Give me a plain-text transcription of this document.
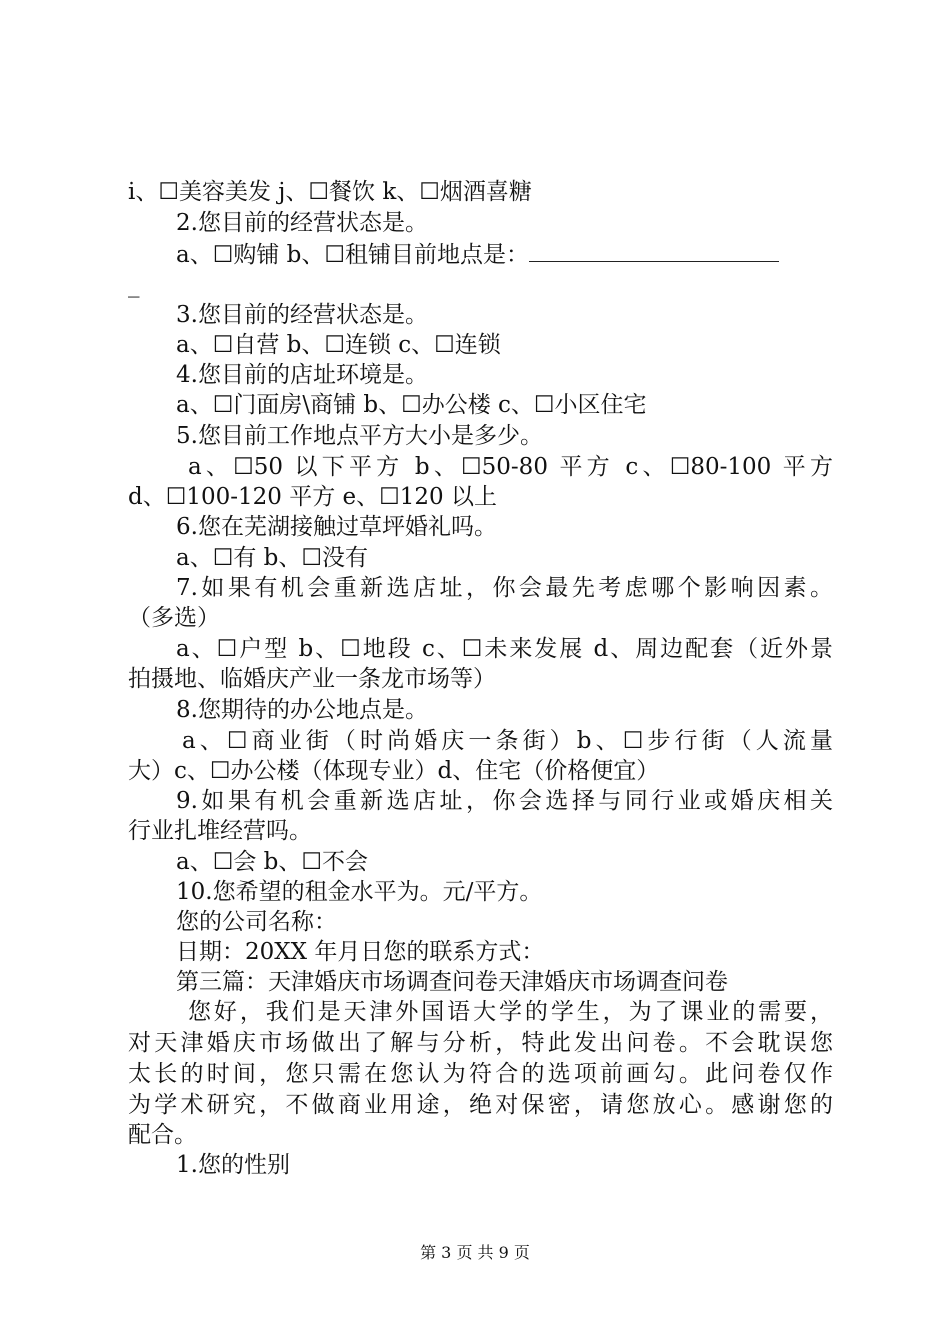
i、☐美容美发 j、☐餐饮 k、☐烟酒喜糖
2.您目前的经营状态是。
a、☐购铺 b、☐租铺目前地点是：
_
3.您目前的经营状态是。
a、☐自营 b、☐连锁 c、☐连锁
4.您目前的店址环境是。
a、☐门面房\商铺 b、☐办公楼 c、☐小区住宅
5.您目前工作地点平方大小是多少。
a、☐50 以下平方 b、☐50-80 平方 c、☐80-100 平方
d、☐100-120 平方 e、☐120 以上
6.您在芜湖接触过草坪婚礼吗。
a、☐有 b、☐没有
7.如果有机会重新选店址，你会最先考虑哪个影响因素。
（多选）
a、☐户型 b、☐地段 c、☐未来发展 d、周边配套（近外景
拍摄地、临婚庆产业一条龙市场等）
8.您期待的办公地点是。
a、☐商业街（时尚婚庆一条街）b、☐步行街（人流量
大）c、☐办公楼（体现专业）d、住宅（价格便宜）
9.如果有机会重新选店址，你会选择与同行业或婚庆相关
行业扎堆经营吗。
a、☐会 b、☐不会
10.您希望的租金水平为。元/平方。
您的公司名称：
日期：20XX 年月日您的联系方式：
第三篇：天津婚庆市场调查问卷天津婚庆市场调查问卷
您好，我们是天津外国语大学的学生，为了课业的需要，
对天津婚庆市场做出了解与分析，特此发出问卷。不会耽误您
太长的时间，您只需在您认为符合的选项前画勾。此问卷仅作
为学术研究，不做商业用途，绝对保密，请您放心。感谢您的
配合。
1.您的性别
第 3 页 共 9 页
